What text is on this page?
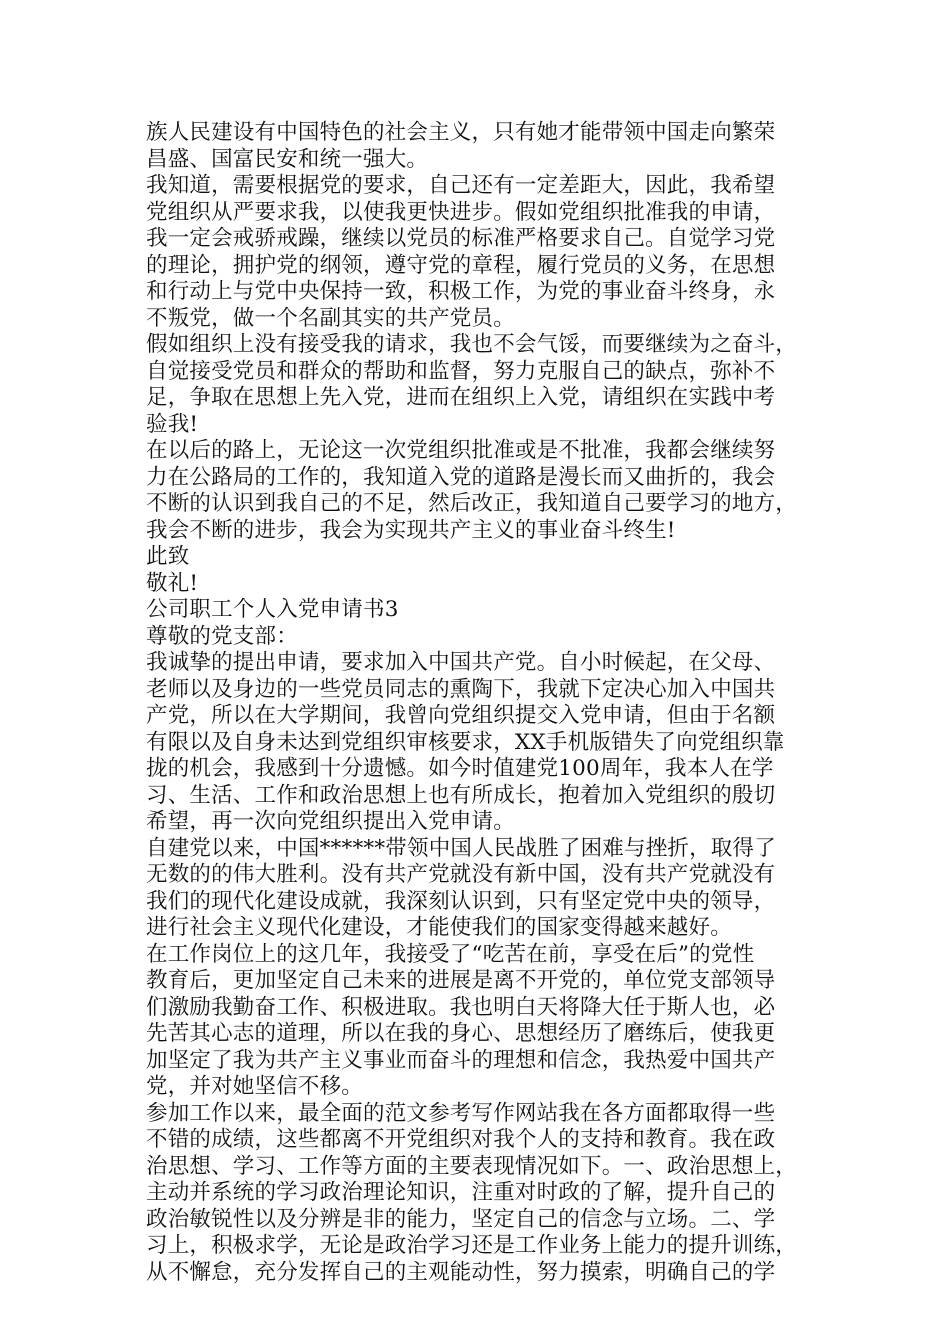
族人民建设有中国特色的社会主义，只有她才能带领中国走向繁荣
昌盛、国富民安和统一强大。
我知道，需要根据党的要求，自己还有一定差距大，因此，我希望
党组织从严要求我，以使我更快进步。假如党组织批准我的申请，
我一定会戒骄戒躁，继续以党员的标准严格要求自己。自觉学习党
的理论，拥护党的纲领，遵守党的章程，履行党员的义务，在思想
和行动上与党中央保持一致，积极工作，为党的事业奋斗终身，永
不叛党，做一个名副其实的共产党员。
假如组织上没有接受我的请求，我也不会气馁，而要继续为之奋斗，
自觉接受党员和群众的帮助和监督，努力克服自己的缺点，弥补不
足，争取在思想上先入党，进而在组织上入党，请组织在实践中考
验我!
在以后的路上，无论这一次党组织批准或是不批准，我都会继续努
力在公路局的工作的，我知道入党的道路是漫长而又曲折的，我会
不断的认识到我自己的不足，然后改正，我知道自己要学习的地方，
我会不断的进步，我会为实现共产主义的事业奋斗终生!
此致
敬礼!
公司职工个人入党申请书3
尊敬的党支部：
我诚挚的提出申请，要求加入中国共产党。自小时候起，在父母、
老师以及身边的一些党员同志的熏陶下，我就下定决心加入中国共
产党，所以在大学期间，我曾向党组织提交入党申请，但由于名额
有限以及自身未达到党组织审核要求，XX手机版错失了向党组织靠
拢的机会，我感到十分遗憾。如今时值建党100周年，我本人在学
习、生活、工作和政治思想上也有所成长，抱着加入党组织的殷切
希望，再一次向党组织提出入党申请。
自建党以来，中国******带领中国人民战胜了困难与挫折，取得了
无数的的伟大胜利。没有共产党就没有新中国，没有共产党就没有
我们的现代化建设成就，我深刻认识到，只有坚定党中央的领导，
进行社会主义现代化建设，才能使我们的国家变得越来越好。
在工作岗位上的这几年，我接受了“吃苦在前，享受在后”的党性
教育后，更加坚定自己未来的进展是离不开党的，单位党支部领导
们激励我勤奋工作、积极进取。我也明白天将降大任于斯人也，必
先苦其心志的道理，所以在我的身心、思想经历了磨练后，使我更
加坚定了我为共产主义事业而奋斗的理想和信念，我热爱中国共产
党，并对她坚信不移。
参加工作以来，最全面的范文参考写作网站我在各方面都取得一些
不错的成绩，这些都离不开党组织对我个人的支持和教育。我在政
治思想、学习、工作等方面的主要表现情况如下。一、政治思想上，
主动并系统的学习政治理论知识，注重对时政的了解，提升自己的
政治敏锐性以及分辨是非的能力，坚定自己的信念与立场。二、学
习上，积极求学，无论是政治学习还是工作业务上能力的提升训练，
从不懈怠，充分发挥自己的主观能动性，努力摸索，明确自己的学
